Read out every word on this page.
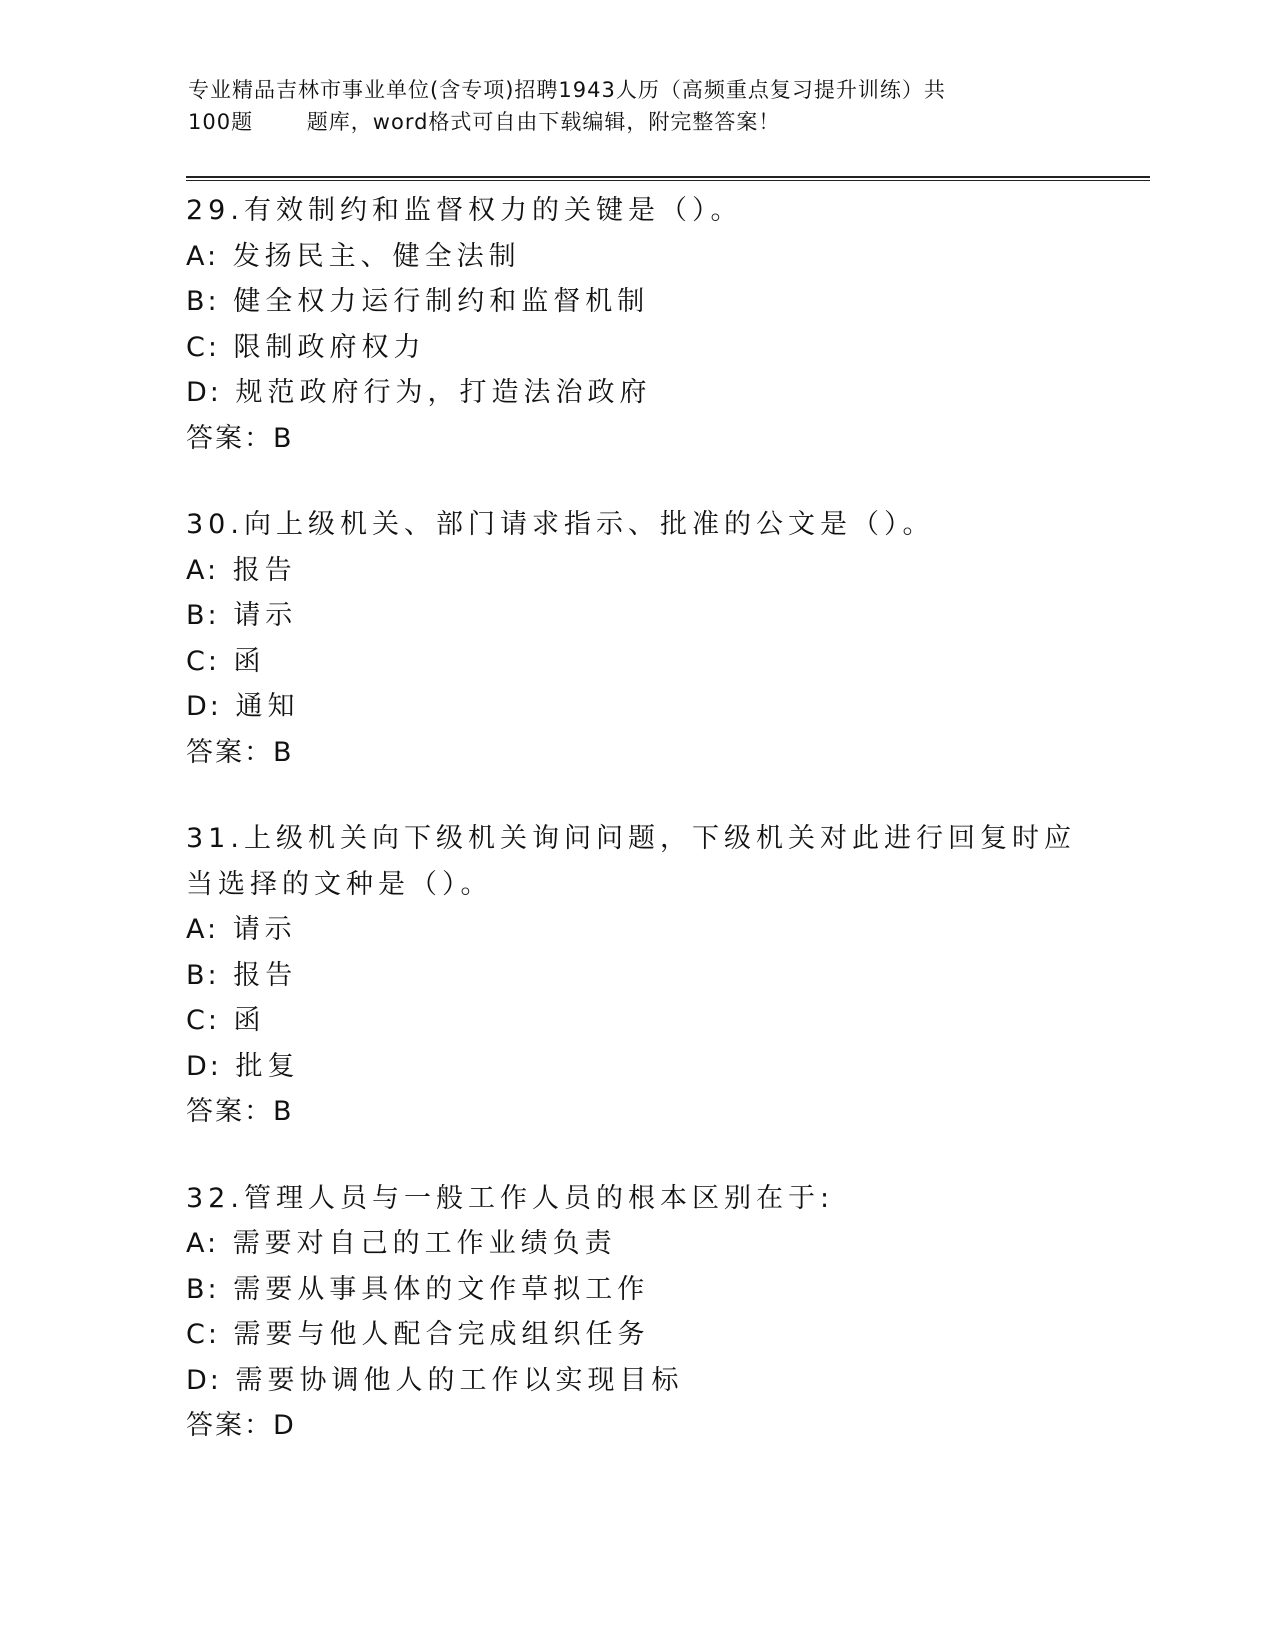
专业精品吉林市事业单位(含专项)招聘1943人历（高频重点复习提升训练）共
100题       题库，word格式可自由下载编辑，附完整答案！

29.有效制约和监督权力的关键是（）。

A: 发扬民主、健全法制

B: 健全权力运行制约和监督机制

C: 限制政府权力

D: 规范政府行为，打造法治政府

答案：B

30.向上级机关、部门请求指示、批准的公文是（）。

A: 报告

B: 请示

C: 函

D: 通知

答案：B

31.上级机关向下级机关询问问题，下级机关对此进行回复时应当选择的文种是（）。

A: 请示

B: 报告

C: 函

D: 批复

答案：B

32.管理人员与一般工作人员的根本区别在于:

A: 需要对自己的工作业绩负责

B: 需要从事具体的文作草拟工作

C: 需要与他人配合完成组织任务

D: 需要协调他人的工作以实现目标

答案：D
